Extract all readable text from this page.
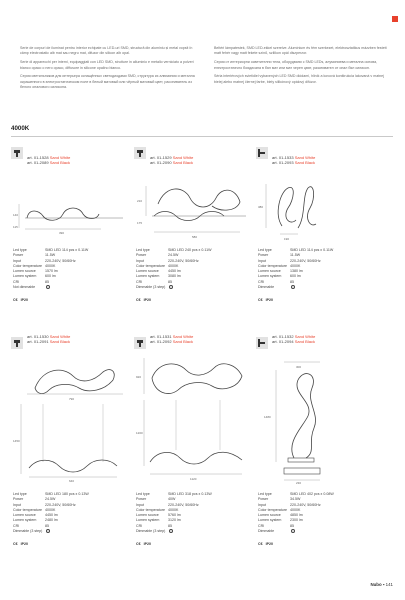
Serie de corpuri de iluminat pentru interior echipate cu LED-uri SMD, structură din aluminiu și metal vopsit în câmp electrostatic alb mat sau negru mat, difuzor din silicon alb opal.

Serie di apparecchi per interni, equipaggiati con LED SMD, strutture in alluminio e metallo verniciato a polveri bianco opaco o nero opaco, diffusore in silicone opalino bianco.

Серия светильников для интерьера оснащённых светодиодами SMD, структура из алюминия и металла окрашенного в электростатическом поле в белый матовый или чёрный матовый цвет, рассеиватель из белого опалового силикона.

Beltéri lámpatestek, SMD LED-ekkel szerelve. Alumínium és fém szerkezet, elektrosztatikus mázzben festett matt fehér vagy matt fekete színű, szilikon opál diszperzor.

Серия от интериорни осветителни тела, оборудвани с SMD LEDs, алуминиева и метална основа, електростатично боядисана в бял мат или мат черен цвят, разсеивател от опал бял силикон.

Séria interiérových svietidiel vybavených LED SMD diódami, hliník a kovová konštrukcia lakovaná v matnej bielej alebo matnej čiernej farbe, biely silikónový opálový difúzor.

4000K
art. 01-1528 Sand White
art. 01-2089 Sand Black
390
140
115
Led type	SMD LED 114 pcs x 0.11W
Power	11.5W
Input	220-240V, 50/60Hz
Color temperature 4000K
Lumen source	1570 lm
Lumen system	600 lm
CRI	85
Not dimmable
C€ IP20
art. 01-1529 Sand White
art. 01-2090 Sand Black
210
175
580
Led type	SMD LED 240 pcs x 0.11W
Power	24.5W
Input	220-240V, 50/60Hz
Color temperature 4000K
Lumen source	4450 lm
Lumen system	3080 lm
CRI	85
Dimmable (3 step)
C€ IP20
art. 01-1533 Sand White
art. 01-2093 Sand Black
380
190
Led type	SMD LED 114 pcs x 0.11W
Power	11.5W
Input	220-240V, 50/60Hz
Color temperature 4000K
Lumen source	1380 lm
Lumen system	600 lm
CRI	85
Dimmable
C€ IP20
art. 01-1530 Sand White
art. 01-2091 Sand Black
790
1450
640
Led type	SMD LED 180 pcs x 0.13W
Power	24.5W
Input	220-240V, 50/60Hz
Color temperature 4000K
Lumen source	4450 lm
Lumen system	2480 lm
CRI	85
Dimmable (3 step)
C€ IP20
art. 01-1531 Sand White
art. 01-2092 Sand Black
920
1200
1120
Led type	SMD LED 318 pcs x 0.13W
Power	40W
Input	220-240V, 50/60Hz
Color temperature 4000K
Lumen source	5760 lm
Lumen system	3120 lm
CRI	85
Dimmable (3 step)
C€ IP20
art. 01-1532 Sand White
art. 01-2094 Sand Black
300
1480
230
Led type	SMD LED 402 pcs x 0.08W
Power	34.5W
Input	220-240V, 50/60Hz
Color temperature 4000K
Lumen source	4850 lm
Lumen system	2300 lm
CRI	85
Dimmable
C€ IP20
Nubo ▪ 141
